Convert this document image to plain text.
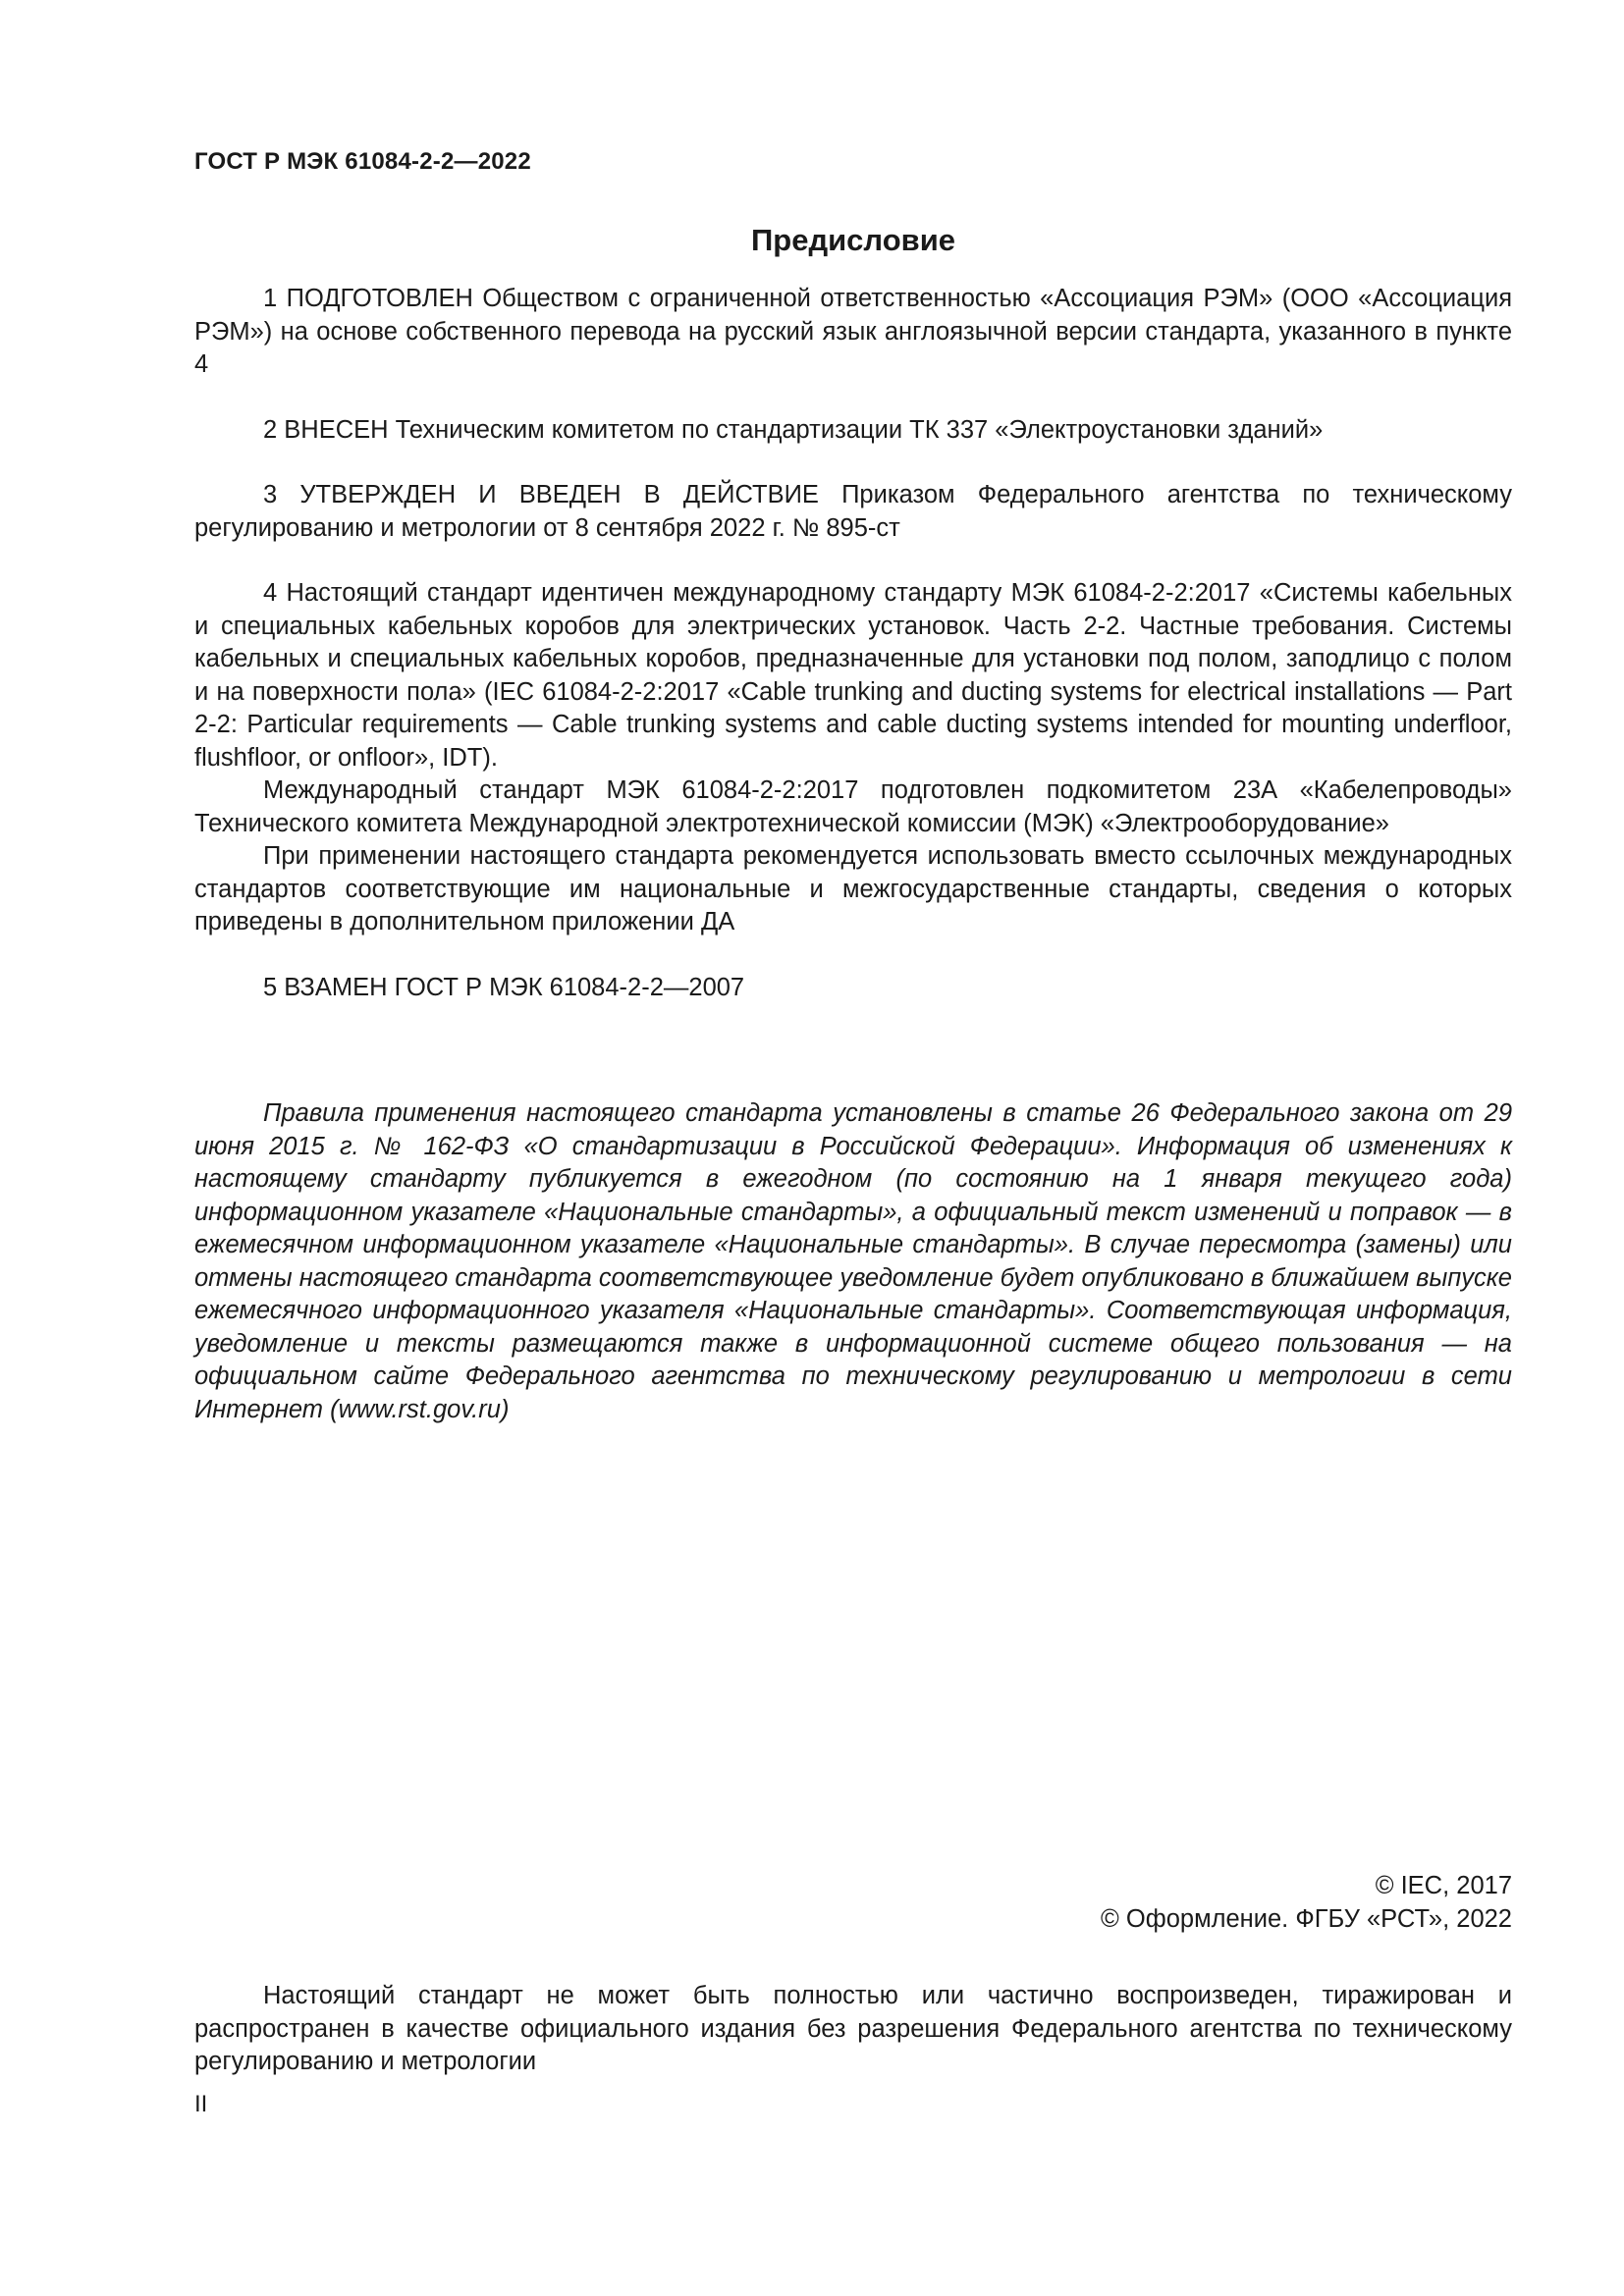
ГОСТ Р МЭК 61084-2-2—2022
Предисловие

1 ПОДГОТОВЛЕН Обществом с ограниченной ответственностью «Ассоциация РЭМ» (ООО «Ассоциация РЭМ») на основе собственного перевода на русский язык англоязычной версии стандарта, указанного в пункте 4

2 ВНЕСЕН Техническим комитетом по стандартизации ТК 337 «Электроустановки зданий»

3 УТВЕРЖДЕН И ВВЕДЕН В ДЕЙСТВИЕ Приказом Федерального агентства по техническому регулированию и метрологии от 8 сентября 2022 г. № 895-ст

4 Настоящий стандарт идентичен международному стандарту МЭК 61084-2-2:2017 «Системы кабельных и специальных кабельных коробов для электрических установок. Часть 2-2. Частные требования. Системы кабельных и специальных кабельных коробов, предназначенные для установки под полом, заподлицо с полом и на поверхности пола» (IEC 61084-2-2:2017 «Cable trunking and ducting systems for electrical installations — Part 2-2: Particular requirements — Cable trunking systems and cable ducting systems intended for mounting underfloor, flushfloor, or onfloor», IDT).

Международный стандарт МЭК 61084-2-2:2017 подготовлен подкомитетом 23А «Кабелепроводы» Технического комитета Международной электротехнической комиссии (МЭК) «Электрооборудование»

При применении настоящего стандарта рекомендуется использовать вместо ссылочных международных стандартов соответствующие им национальные и межгосударственные стандарты, сведения о которых приведены в дополнительном приложении ДА

5 ВЗАМЕН ГОСТ Р МЭК 61084-2-2—2007

Правила применения настоящего стандарта установлены в статье 26 Федерального закона от 29 июня 2015 г. № 162-ФЗ «О стандартизации в Российской Федерации». Информация об изменениях к настоящему стандарту публикуется в ежегодном (по состоянию на 1 января текущего года) информационном указателе «Национальные стандарты», а официальный текст изменений и поправок — в ежемесячном информационном указателе «Национальные стандарты». В случае пересмотра (замены) или отмены настоящего стандарта соответствующее уведомление будет опубликовано в ближайшем выпуске ежемесячного информационного указателя «Национальные стандарты». Соответствующая информация, уведомление и тексты размещаются также в информационной системе общего пользования — на официальном сайте Федерального агентства по техническому регулированию и метрологии в сети Интернет (www.rst.gov.ru)

© IEC, 2017
© Оформление. ФГБУ «РСТ», 2022

Настоящий стандарт не может быть полностью или частично воспроизведен, тиражирован и распространен в качестве официального издания без разрешения Федерального агентства по техническому регулированию и метрологии

II
